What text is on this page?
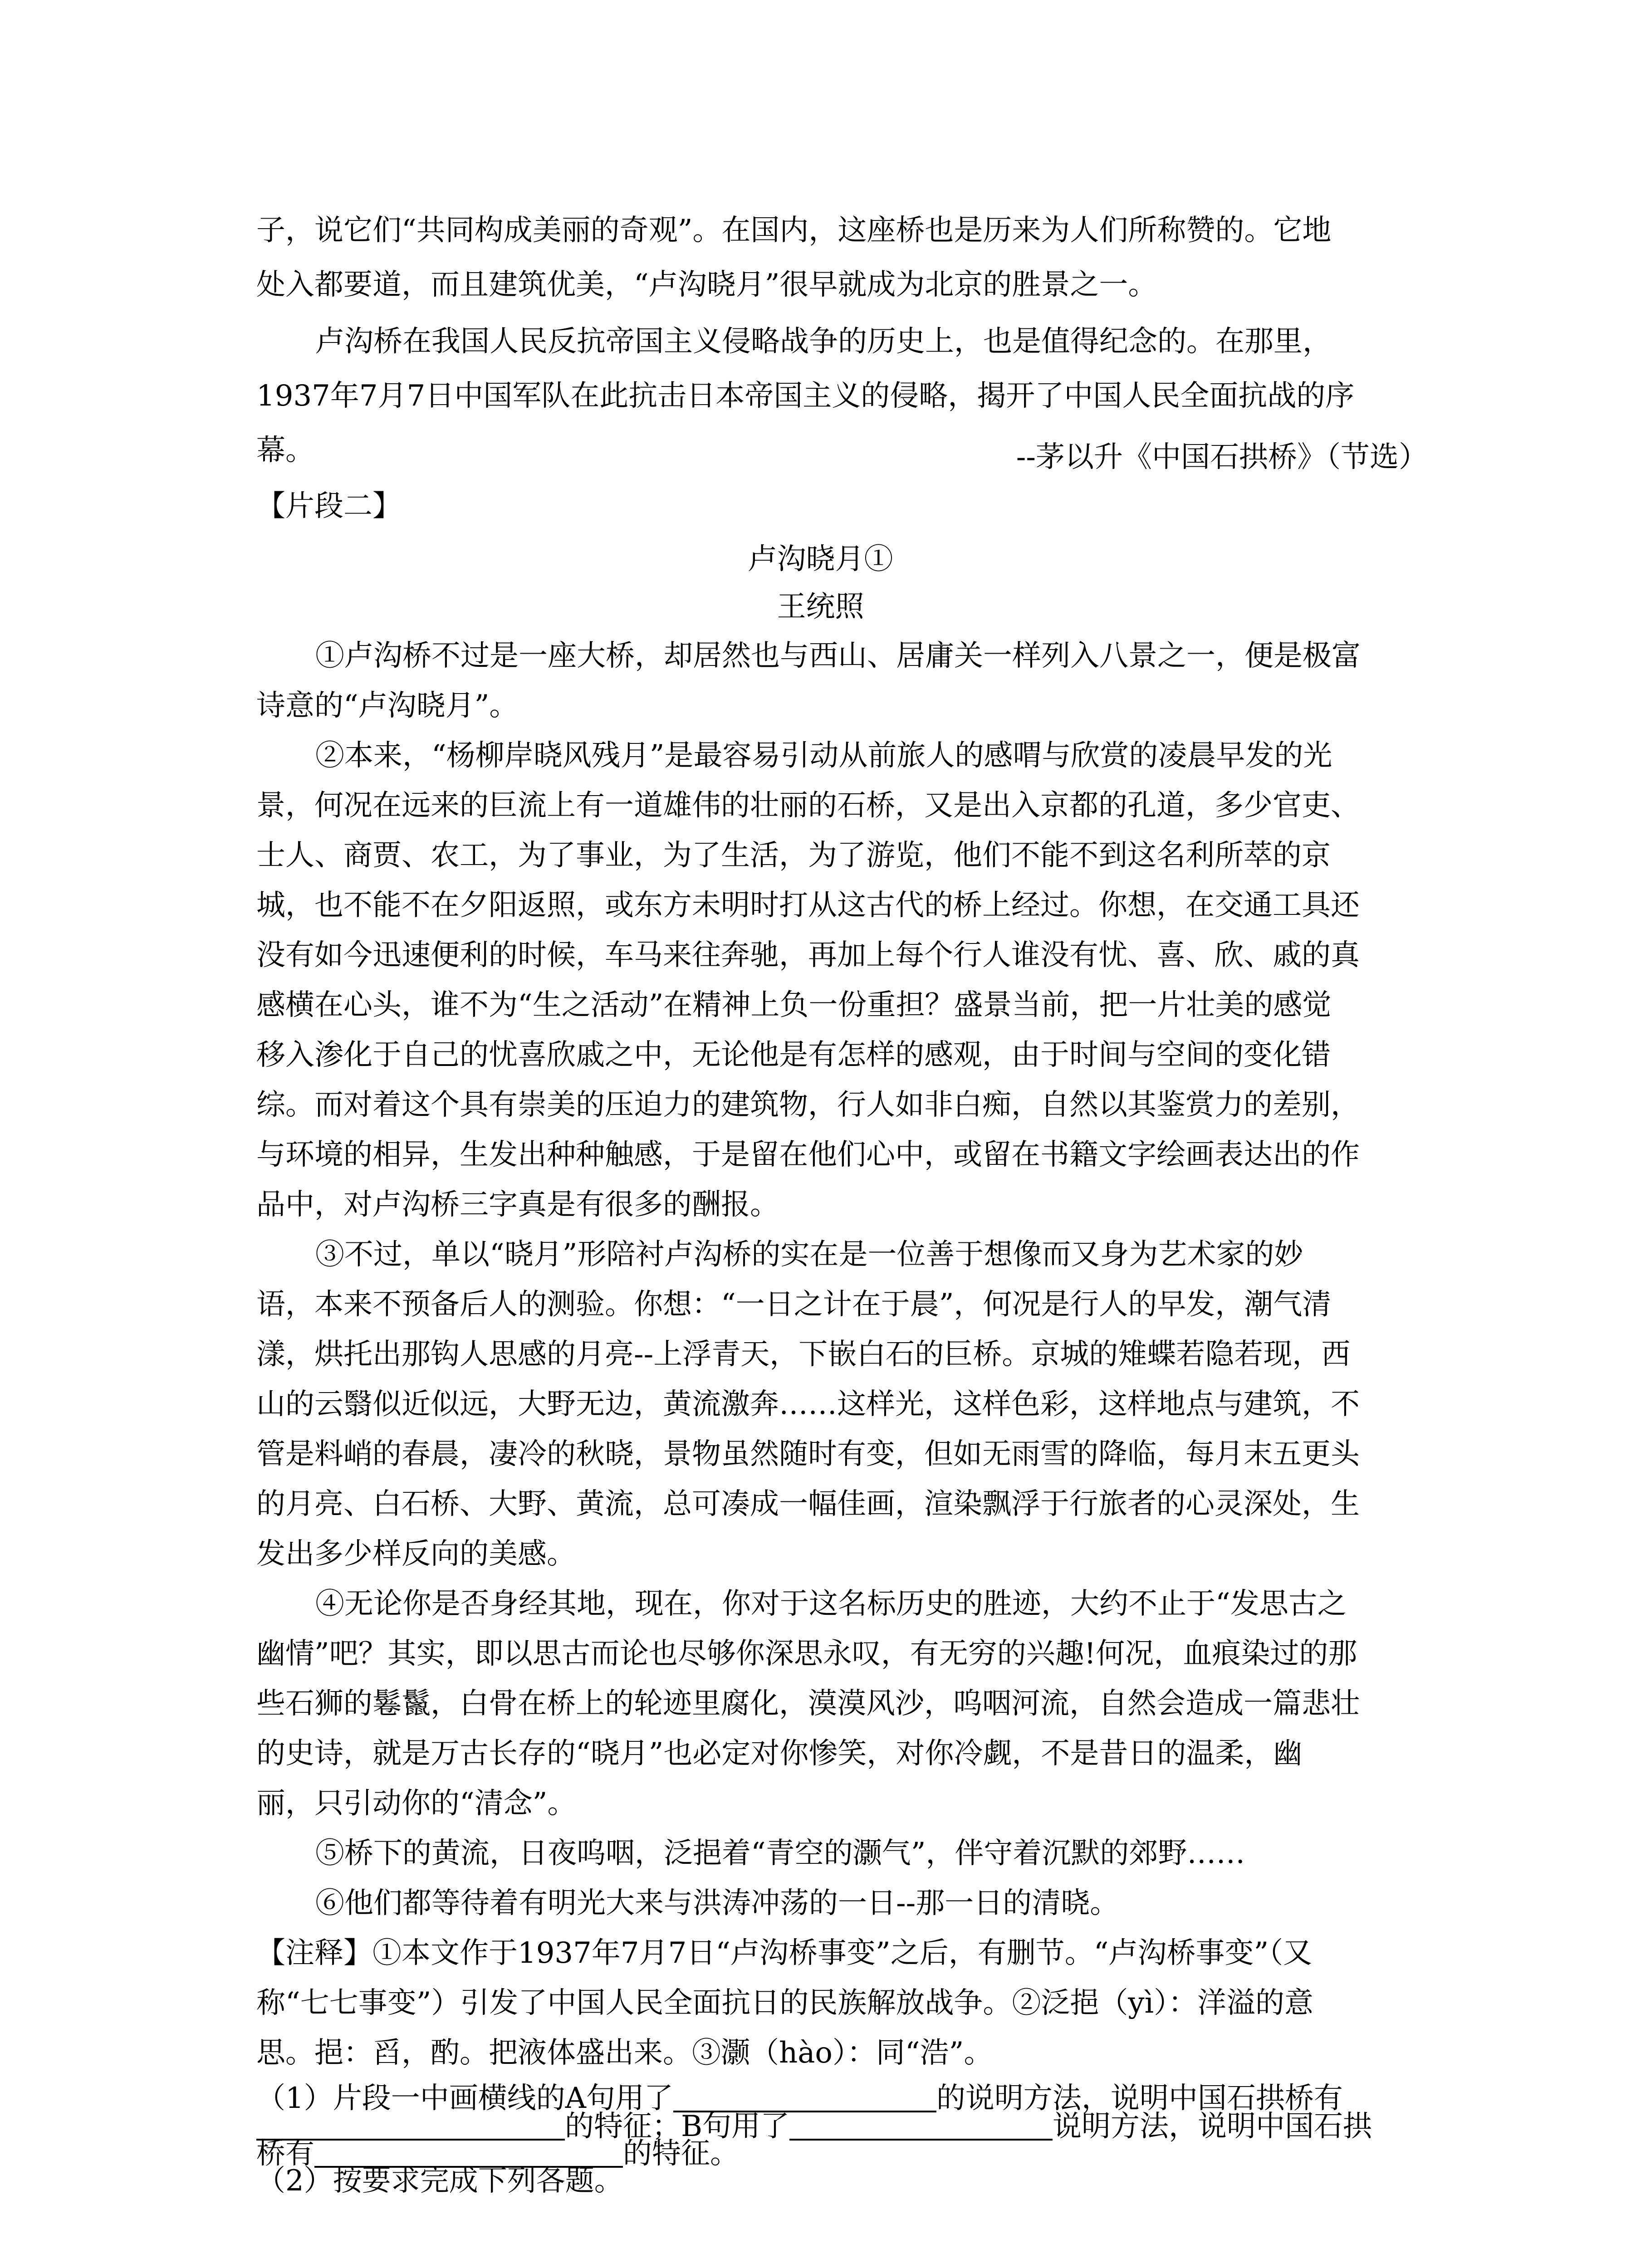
子，说它们“共同构成美丽的奇观”。在国内，这座桥也是历来为人们所称赞的。它地
处入都要道，而且建筑优美，“卢沟晓月”很早就成为北京的胜景之一。
卢沟桥在我国人民反抗帝国主义侵略战争的历史上，也是值得纪念的。在那里，
1937年7月7日中国军队在此抗击日本帝国主义的侵略，揭开了中国人民全面抗战的序
幕。	--茅以升《中国石拱桥》（节选）
【片段二】
卢沟晓月①
王统照
①卢沟桥不过是一座大桥，却居然也与西山、居庸关一样列入八景之一，便是极富
诗意的“卢沟晓月”。
②本来，“杨柳岸晓风残月”是最容易引动从前旅人的感喟与欣赏的凌晨早发的光
景，何况在远来的巨流上有一道雄伟的壮丽的石桥，又是出入京都的孔道，多少官吏、
士人、商贾、农工，为了事业，为了生活，为了游览，他们不能不到这名利所萃的京
城，也不能不在夕阳返照，或东方未明时打从这古代的桥上经过。你想，在交通工具还
没有如今迅速便利的时候，车马来往奔驰，再加上每个行人谁没有忧、喜、欣、戚的真
感横在心头，谁不为“生之活动”在精神上负一份重担？盛景当前，把一片壮美的感觉
移入渗化于自己的忧喜欣戚之中，无论他是有怎样的感观，由于时间与空间的变化错
综。而对着这个具有崇美的压迫力的建筑物，行人如非白痴，自然以其鉴赏力的差别，
与环境的相异，生发出种种触感，于是留在他们心中，或留在书籍文字绘画表达出的作
品中，对卢沟桥三字真是有很多的酬报。
③不过，单以“晓月”形陪衬卢沟桥的实在是一位善于想像而又身为艺术家的妙
语，本来不预备后人的测验。你想：“一日之计在于晨”，何况是行人的早发，潮气清
漾，烘托出那钩人思感的月亮--上浮青天，下嵌白石的巨桥。京城的雉蝶若隐若现，西
山的云翳似近似远，大野无边，黄流激奔……这样光，这样色彩，这样地点与建筑，不
管是料峭的春晨，凄冷的秋晓，景物虽然随时有变，但如无雨雪的降临，每月末五更头
的月亮、白石桥、大野、黄流，总可凑成一幅佳画，渲染飘浮于行旅者的心灵深处，生
发出多少样反向的美感。
④无论你是否身经其地，现在，你对于这名标历史的胜迹，大约不止于“发思古之
幽情”吧？其实，即以思古而论也尽够你深思永叹，有无穷的兴趣!何况，血痕染过的那
些石狮的鬈鬣，白骨在桥上的轮迹里腐化，漠漠风沙，呜咽河流，自然会造成一篇悲壮
的史诗，就是万古长存的“晓月”也必定对你惨笑，对你冷觑，不是昔日的温柔，幽
丽，只引动你的“清念”。
⑤桥下的黄流，日夜呜咽，泛挹着“青空的灏气”，伴守着沉默的郊野……
⑥他们都等待着有明光大来与洪涛冲荡的一日--那一日的清晓。
【注释】①本文作于1937年7月7日“卢沟桥事变”之后，有删节。“卢沟桥事变”（又
称“七七事变”）引发了中国人民全面抗日的民族解放战争。②泛挹（yì）：洋溢的意
思。挹：舀，酌。把液体盛出来。③灏（hào）：同“浩”。
（1）片段一中画横线的A句用了	的说明方法，说明中国石拱桥有
的特征；B句用了	说明方法，说明中国石拱
桥有	的特征。
（2）按要求完成下列各题。
